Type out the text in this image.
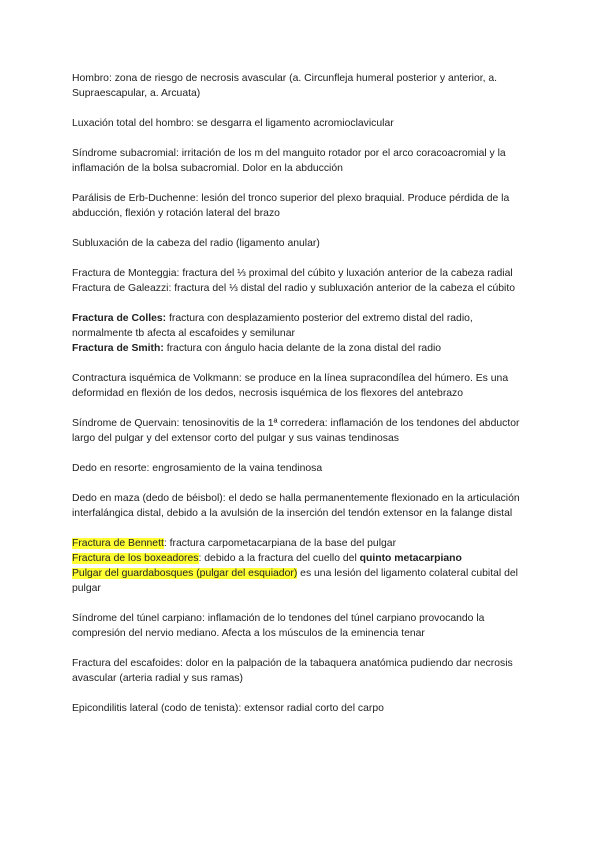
Hombro: zona de riesgo de necrosis avascular (a. Circunfleja humeral posterior y anterior, a. Supraescapular, a. Arcuata)

Luxación total del hombro: se desgarra el ligamento acromioclavicular

Síndrome subacromial: irritación de los m del manguito rotador por el arco coracoacromial y la inflamación de la bolsa subacromial. Dolor en la abducción

Parálisis de Erb-Duchenne: lesión del tronco superior del plexo braquial. Produce pérdida de la abducción, flexión y rotación lateral del brazo

Subluxación de la cabeza del radio (ligamento anular)

Fractura de Monteggia: fractura del ⅓ proximal del cúbito y luxación anterior de la cabeza radial

Fractura de Galeazzi: fractura del ⅓ distal del radio y subluxación anterior de la cabeza el cúbito

Fractura de Colles: fractura con desplazamiento posterior del extremo distal del radio, normalmente tb afecta al escafoides y semilunar

Fractura de Smith: fractura con ángulo hacia delante de la zona distal del radio

Contractura isquémica de Volkmann: se produce en la línea supracondílea del húmero. Es una deformidad en flexión de los dedos, necrosis isquémica de los flexores del antebrazo

Síndrome de Quervain: tenosinovitis de la 1ª corredera: inflamación de los tendones del abductor largo del pulgar y del extensor corto del pulgar y sus vainas tendinosas

Dedo en resorte: engrosamiento de la vaina tendinosa

Dedo en maza (dedo de béisbol): el dedo se halla permanentemente flexionado en la articulación interfalángica distal, debido a la avulsión de la inserción del tendón extensor en la falange distal

Fractura de Bennett: fractura carpometacarpiana de la base del pulgar

Fractura de los boxeadores: debido a la fractura del cuello del quinto metacarpiano

Pulgar del guardabosques (pulgar del esquiador) es una lesión del ligamento colateral cubital del pulgar

Síndrome del túnel carpiano: inflamación de lo tendones del túnel carpiano provocando la compresión del nervio mediano. Afecta a los músculos de la eminencia tenar

Fractura del escafoides: dolor en la palpación de la tabaquera anatómica pudiendo dar necrosis avascular (arteria radial y sus ramas)

Epicondilitis lateral (codo de tenista): extensor radial corto del carpo
